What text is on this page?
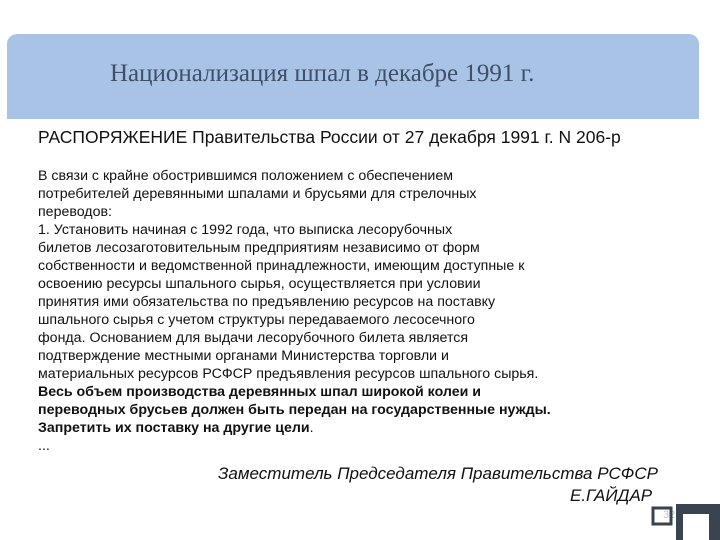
Национализация шпал в декабре 1991 г.
РАСПОРЯЖЕНИЕ Правительства России от 27 декабря 1991 г. N 206-р
В связи с крайне обострившимся положением с обеспечением
потребителей деревянными шпалами и брусьями для стрелочных
переводов:
1. Установить начиная с 1992 года, что выписка лесорубочных
билетов лесозаготовительным предприятиям независимо от форм
собственности и ведомственной принадлежности, имеющим доступные к
освоению ресурсы шпального сырья, осуществляется при условии
принятия ими обязательства по предъявлению ресурсов на поставку
шпального сырья с учетом структуры передаваемого лесосечного
фонда. Основанием для выдачи лесорубочного билета является
подтверждение местными органами Министерства торговли и
материальных ресурсов РСФСР предъявления ресурсов шпального сырья.
Весь объем производства деревянных шпал широкой колеи и
переводных брусьев должен быть передан на государственные нужды.
Запретить их поставку на другие цели.
...
Заместитель Председателя Правительства РСФСР
Е.ГАЙДАР
32
